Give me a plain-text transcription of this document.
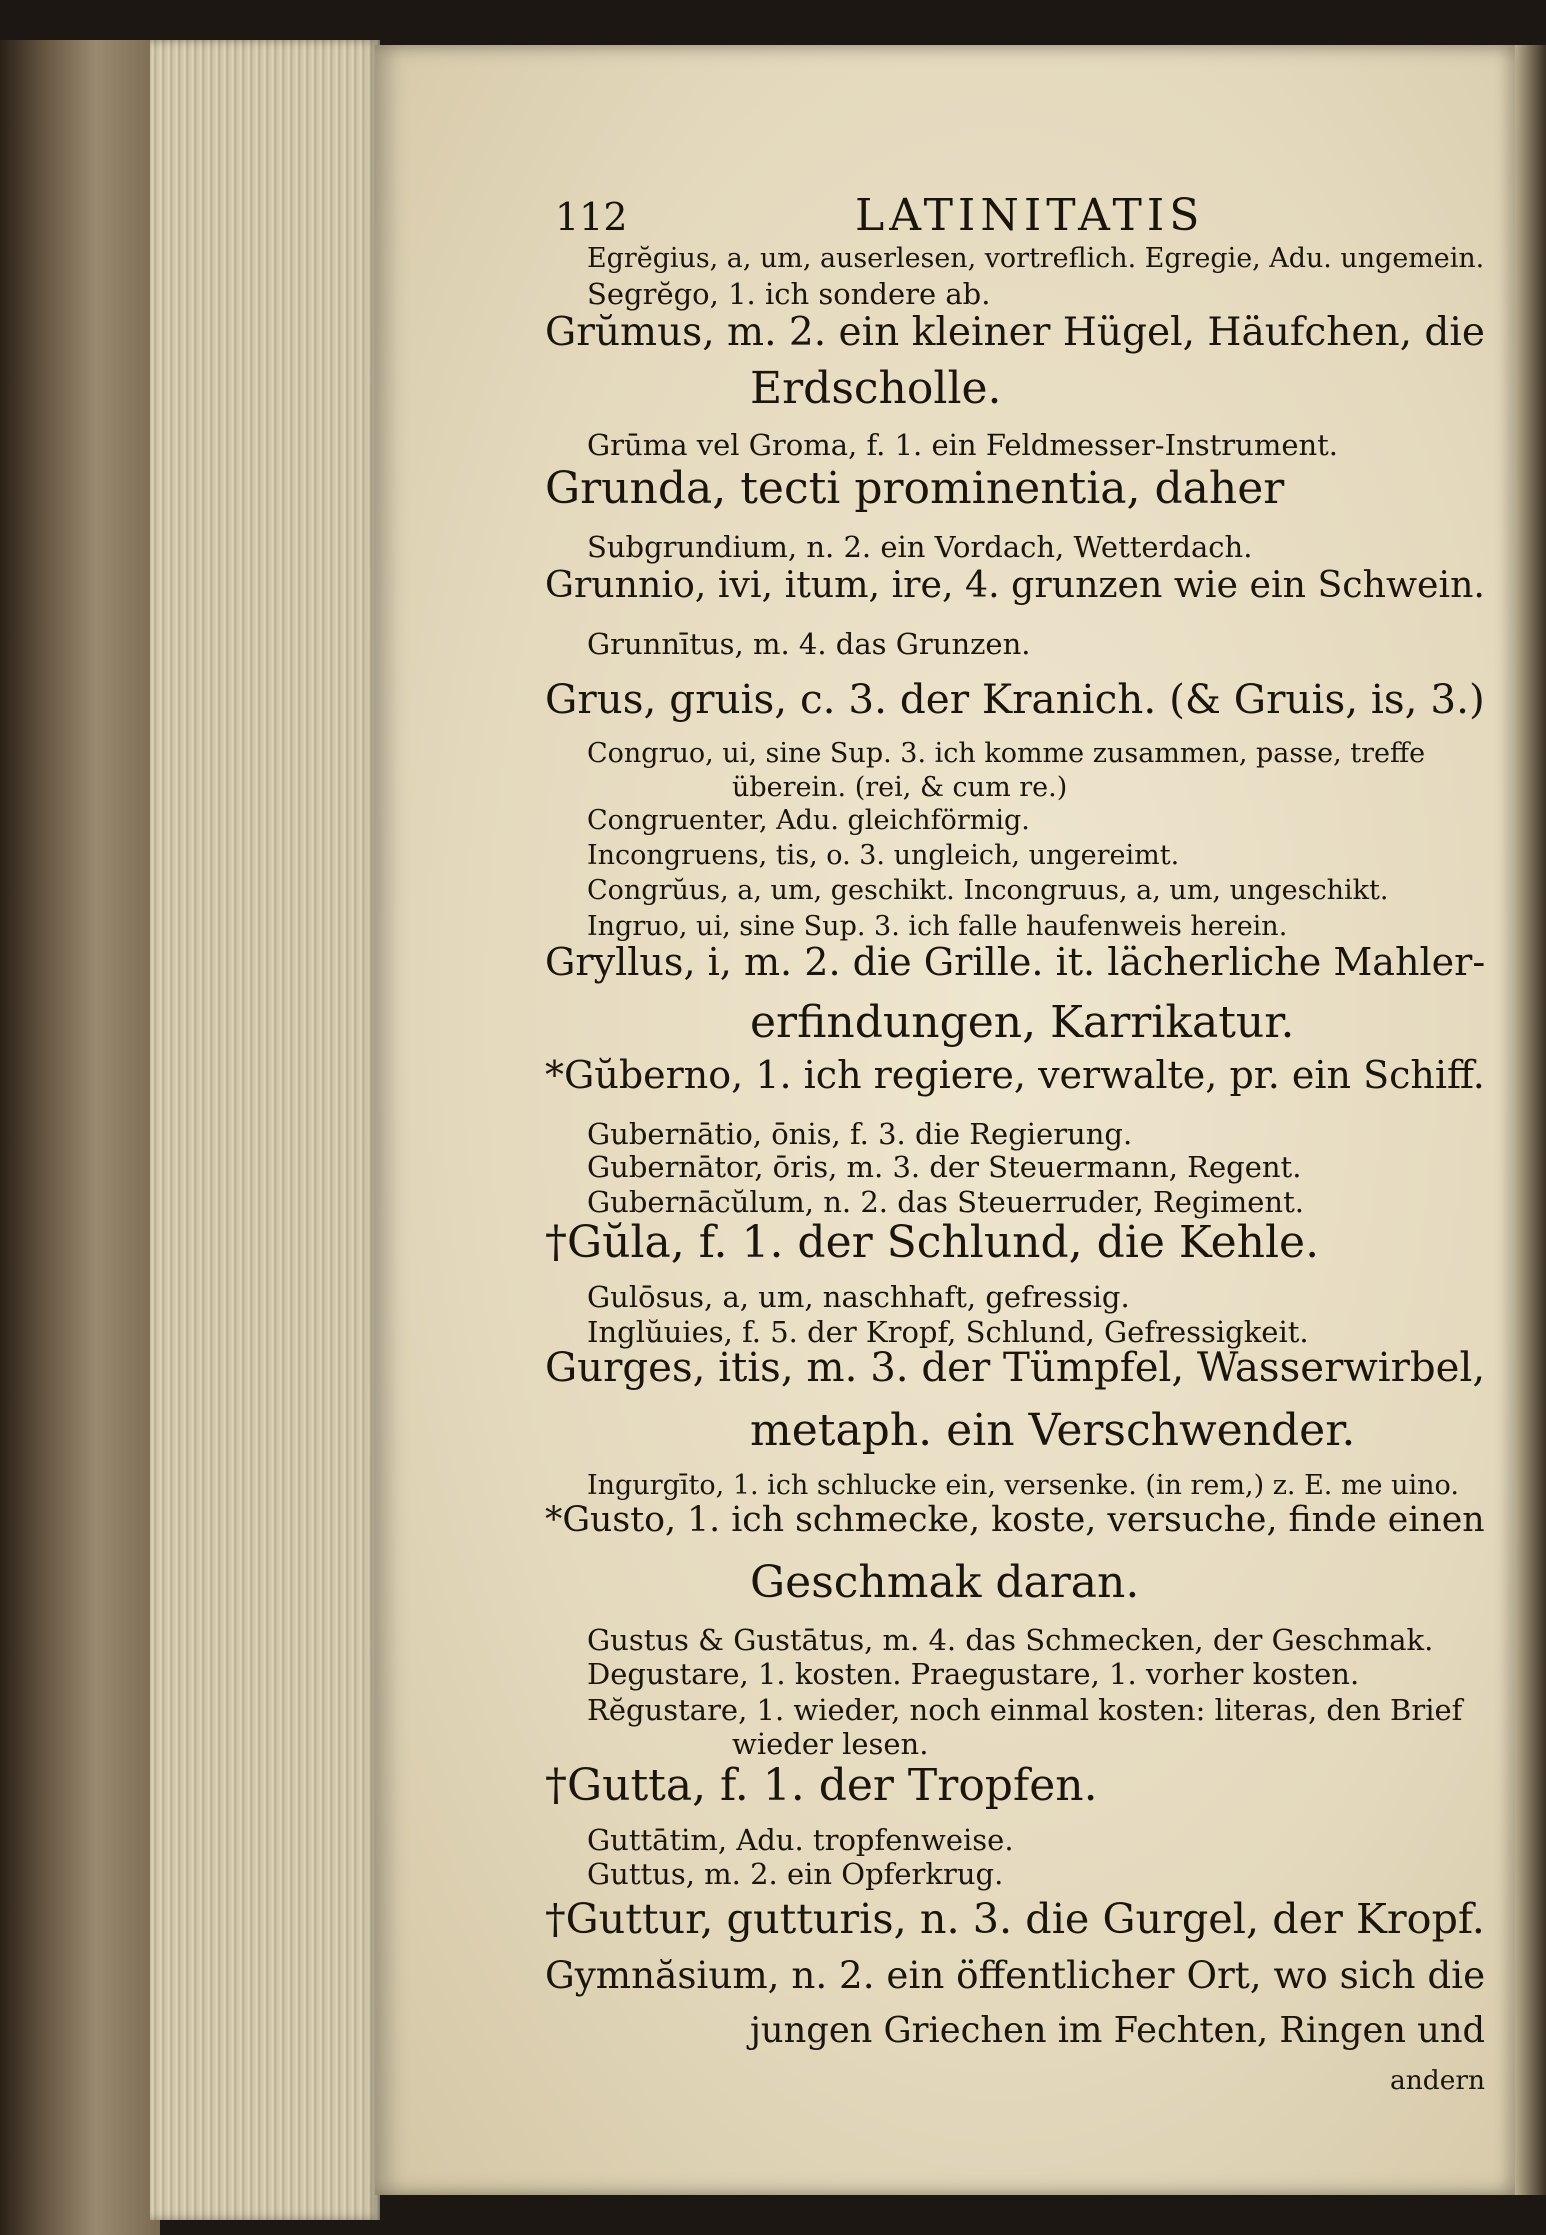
112	LATINITATIS
Egrĕgius, a, um, auserlesen, vortreflich. Egregie, Adu. ungemein.
Segrĕgo, 1. ich sondere ab.
Grŭmus, m. 2. ein kleiner Hügel, Häufchen, die
Erdscholle.
Grūma vel Groma, f. 1. ein Feldmesser-Instrument.
Grunda, tecti prominentia, daher
Subgrundium, n. 2. ein Vordach, Wetterdach.
Grunnio, ivi, itum, ire, 4. grunzen wie ein Schwein.
Grunnītus, m. 4. das Grunzen.
Grus, gruis, c. 3. der Kranich. (& Gruis, is, 3.)
Congruo, ui, sine Sup. 3. ich komme zusammen, passe, treffe
überein. (rei, & cum re.)
Congruenter, Adu. gleichförmig.
Incongruens, tis, o. 3. ungleich, ungereimt.
Congrŭus, a, um, geschikt. Incongruus, a, um, ungeschikt.
Ingruo, ui, sine Sup. 3. ich falle haufenweis herein.
Gryllus, i, m. 2. die Grille. it. lächerliche Mahler-
erfindungen, Karrikatur.
*Gŭberno, 1. ich regiere, verwalte, pr. ein Schiff.
Gubernātio, ōnis, f. 3. die Regierung.
Gubernātor, ōris, m. 3. der Steuermann, Regent.
Gubernācŭlum, n. 2. das Steuerruder, Regiment.
†Gŭla, f. 1. der Schlund, die Kehle.
Gulōsus, a, um, naschhaft, gefressig.
Inglŭuies, f. 5. der Kropf, Schlund, Gefressigkeit.
Gurges, itis, m. 3. der Tümpfel, Wasserwirbel,
metaph. ein Verschwender.
Ingurgīto, 1. ich schlucke ein, versenke. (in rem,) z. E. me uino.
*Gusto, 1. ich schmecke, koste, versuche, finde einen
Geschmak daran.
Gustus & Gustātus, m. 4. das Schmecken, der Geschmak.
Degustare, 1. kosten. Praegustare, 1. vorher kosten.
Rĕgustare, 1. wieder, noch einmal kosten: literas, den Brief
wieder lesen.
†Gutta, f. 1. der Tropfen.
Guttātim, Adu. tropfenweise.
Guttus, m. 2. ein Opferkrug.
†Guttur, gutturis, n. 3. die Gurgel, der Kropf.
Gymnăsium, n. 2. ein öffentlicher Ort, wo sich die
jungen Griechen im Fechten, Ringen und
andern
